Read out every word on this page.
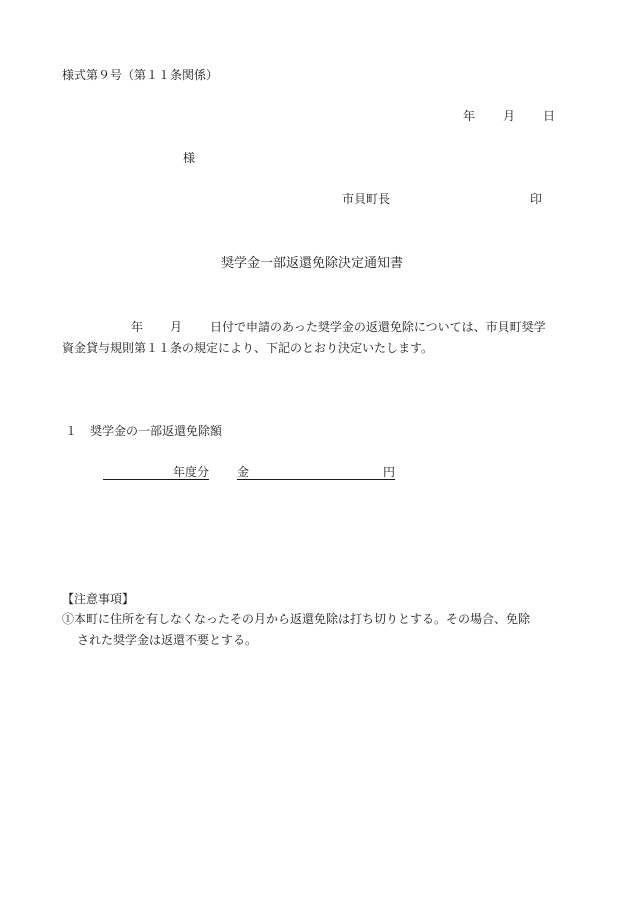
様式第９号（第１１条関係）
年 月 日
様
市貝町長	印
奨学金一部返還免除決定通知書
年 月 日付で申請のあった奨学金の返還免除については、市貝町奨学
資金貸与規則第１１条の規定により、下記のとおり決定いたします。
１ 奨学金の一部返還免除額
年度分 金	円
【注意事項】
①本町に住所を有しなくなったその月から返還免除は打ち切りとする。その場合、免除
された奨学金は返還不要とする。
